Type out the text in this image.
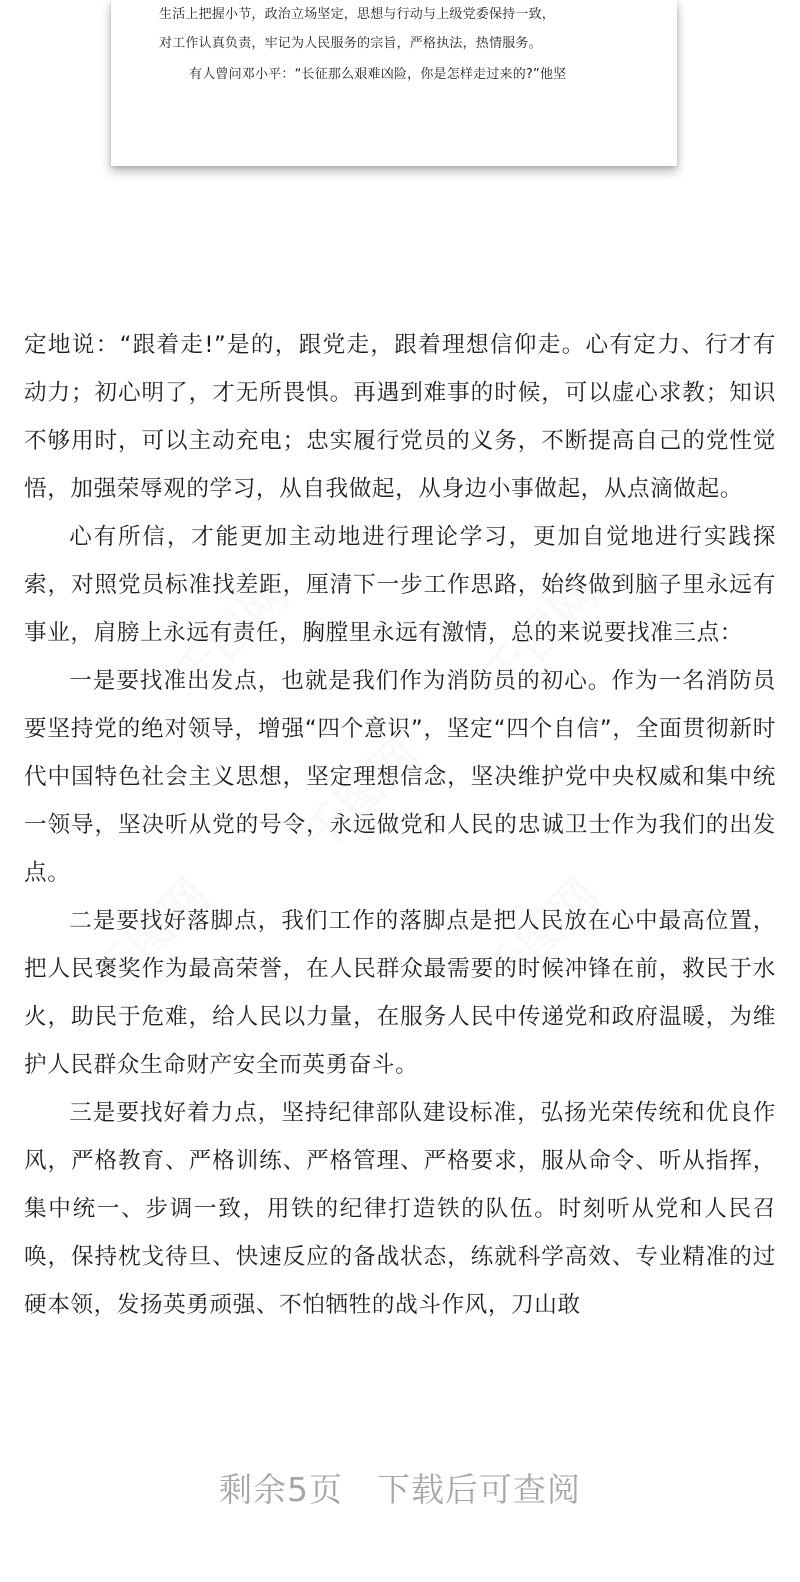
生活上把握小节，政治立场坚定，思想与行动与上级党委保持一致，
对工作认真负责，牢记为人民服务的宗旨，严格执法，热情服务。
有人曾问邓小平：“长征那么艰难凶险，你是怎样走过来的?”他坚
千图网	千图网
千图网
千图网	千图网

定地说：“跟着走!”是的，跟党走，跟着理想信仰走。心有定力、行才有动力；初心明了，才无所畏惧。再遇到难事的时候，可以虚心求教；知识不够用时，可以主动充电；忠实履行党员的义务，不断提高自己的党性觉悟，加强荣辱观的学习，从自我做起，从身边小事做起，从点滴做起。

心有所信，才能更加主动地进行理论学习，更加自觉地进行实践探索，对照党员标准找差距，厘清下一步工作思路，始终做到脑子里永远有事业，肩膀上永远有责任，胸膛里永远有激情，总的来说要找准三点：

一是要找准出发点，也就是我们作为消防员的初心。作为一名消防员要坚持党的绝对领导，增强“四个意识”，坚定“四个自信”，全面贯彻新时代中国特色社会主义思想，坚定理想信念，坚决维护党中央权威和集中统一领导，坚决听从党的号令，永远做党和人民的忠诚卫士作为我们的出发点。

二是要找好落脚点，我们工作的落脚点是把人民放在心中最高位置，把人民褒奖作为最高荣誉，在人民群众最需要的时候冲锋在前，救民于水火，助民于危难，给人民以力量，在服务人民中传递党和政府温暖，为维护人民群众生命财产安全而英勇奋斗。

三是要找好着力点，坚持纪律部队建设标准，弘扬光荣传统和优良作风，严格教育、严格训练、严格管理、严格要求，服从命令、听从指挥，集中统一、步调一致，用铁的纪律打造铁的队伍。时刻听从党和人民召唤，保持枕戈待旦、快速反应的备战状态，练就科学高效、专业精准的过硬本领，发扬英勇顽强、不怕牺牲的战斗作风，刀山敢

剩余5页 下载后可查阅
